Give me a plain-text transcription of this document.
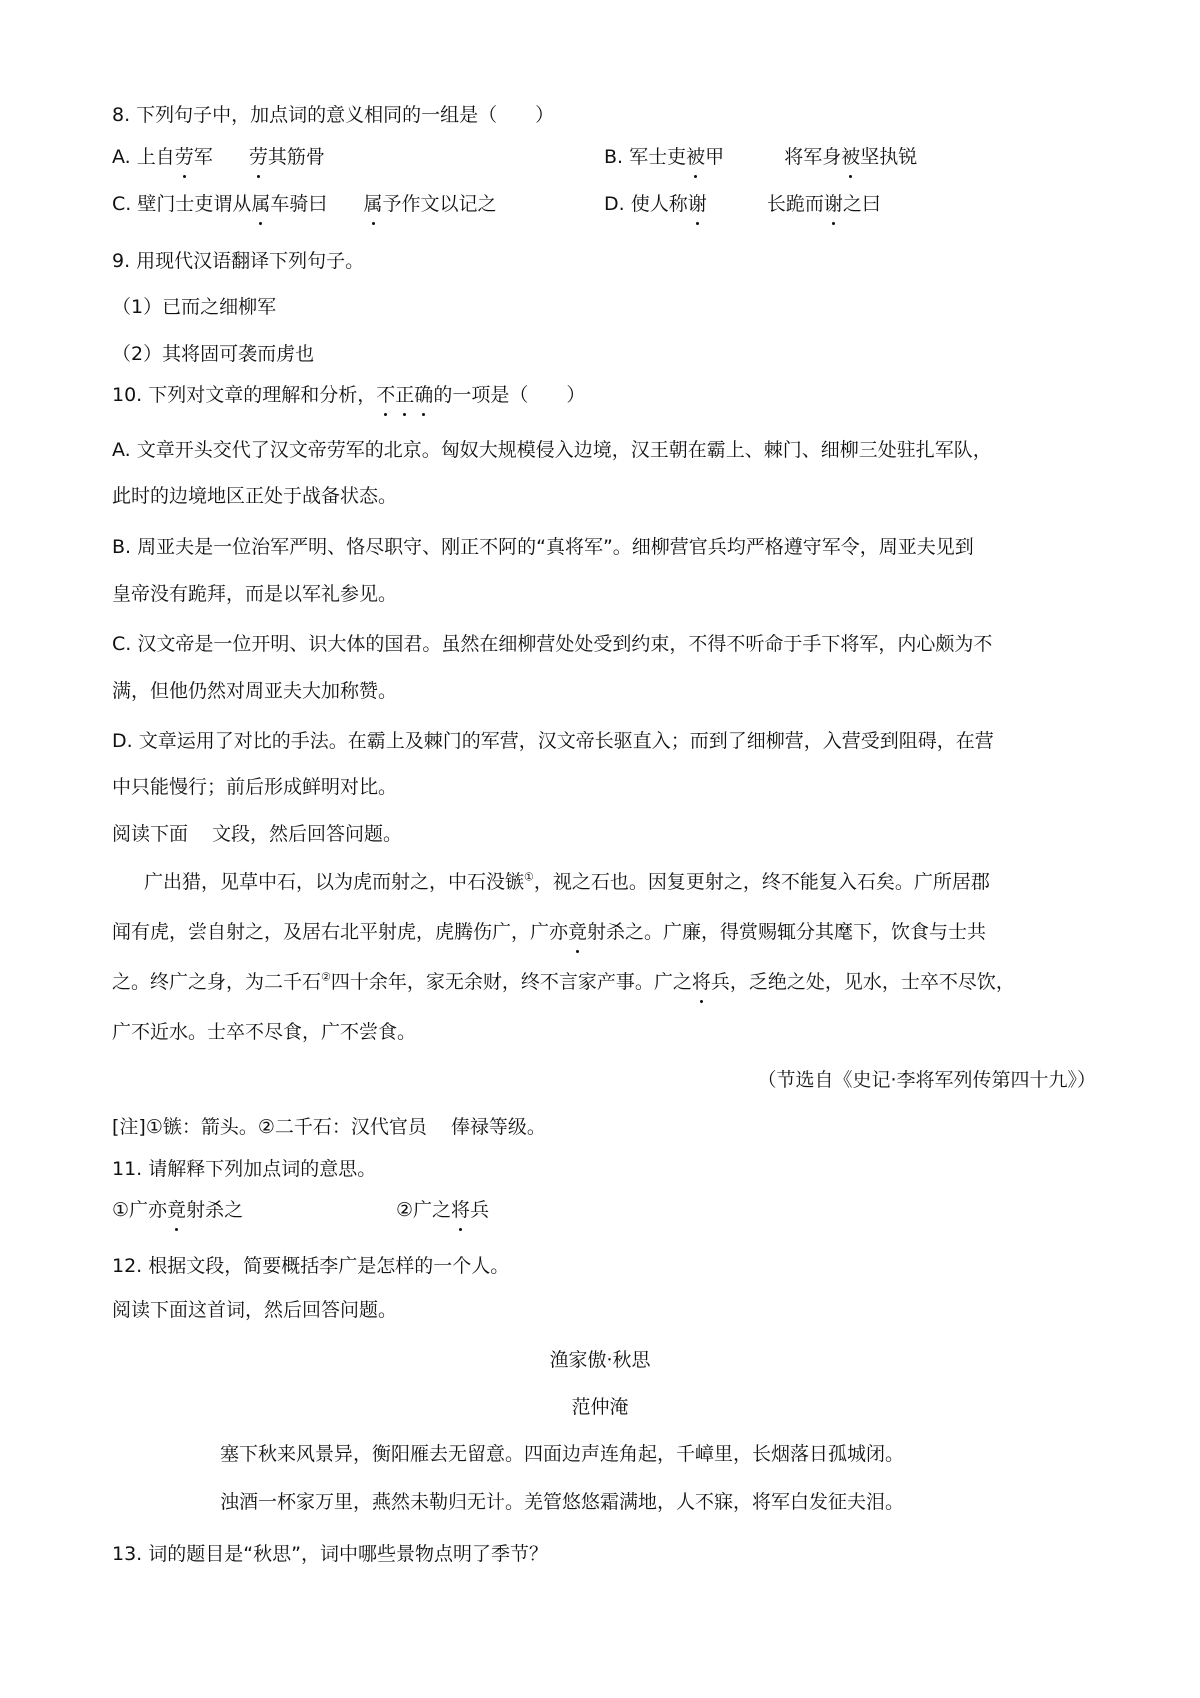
8. 下列句子中，加点词的意义相同的一组是（　　）
A. 上自劳军 劳其筋骨	B. 军士吏被甲	将军身被坚执锐
C. 壁门士吏谓从属车骑曰 属予作文以记之	D. 使人称谢	长跪而谢之曰
9. 用现代汉语翻译下列句子。
（1）已而之细柳军
（2）其将固可袭而虏也
10. 下列对文章的理解和分析，不正确的一项是（　　）
A. 文章开头交代了汉文帝劳军的北京。匈奴大规模侵入边境，汉王朝在霸上、棘门、细柳三处驻扎军队，
此时的边境地区正处于战备状态。
B. 周亚夫是一位治军严明、恪尽职守、刚正不阿的“真将军”。细柳营官兵均严格遵守军令，周亚夫见到
皇帝没有跪拜，而是以军礼参见。
C. 汉文帝是一位开明、识大体的国君。虽然在细柳营处处受到约束，不得不听命于手下将军，内心颇为不
满，但他仍然对周亚夫大加称赞。
D. 文章运用了对比的手法。在霸上及棘门的军营，汉文帝长驱直入；而到了细柳营，入营受到阻碍，在营
中只能慢行；前后形成鲜明对比。
阅读下面 文段，然后回答问题。
广出猎，见草中石，以为虎而射之，中石没镞①，视之石也。因复更射之，终不能复入石矣。广所居郡
闻有虎，尝自射之，及居右北平射虎，虎腾伤广，广亦竟射杀之。广廉，得赏赐辄分其麾下，饮食与士共
之。终广之身，为二千石②四十余年，家无余财，终不言家产事。广之将兵，乏绝之处，见水，士卒不尽饮，
广不近水。士卒不尽食，广不尝食。
（节选自《史记·李将军列传第四十九》）
[注]①镞：箭头。②二千石：汉代官员 俸禄等级。
11. 请解释下列加点词的意思。
①广亦竟射杀之	②广之将兵
12. 根据文段，简要概括李广是怎样的一个人。
阅读下面这首词，然后回答问题。
渔家傲·秋思
范仲淹
塞下秋来风景异，衡阳雁去无留意。四面边声连角起，千嶂里，长烟落日孤城闭。
浊酒一杯家万里，燕然未勒归无计。羌管悠悠霜满地，人不寐，将军白发征夫泪。
13. 词的题目是“秋思”，词中哪些景物点明了季节？
